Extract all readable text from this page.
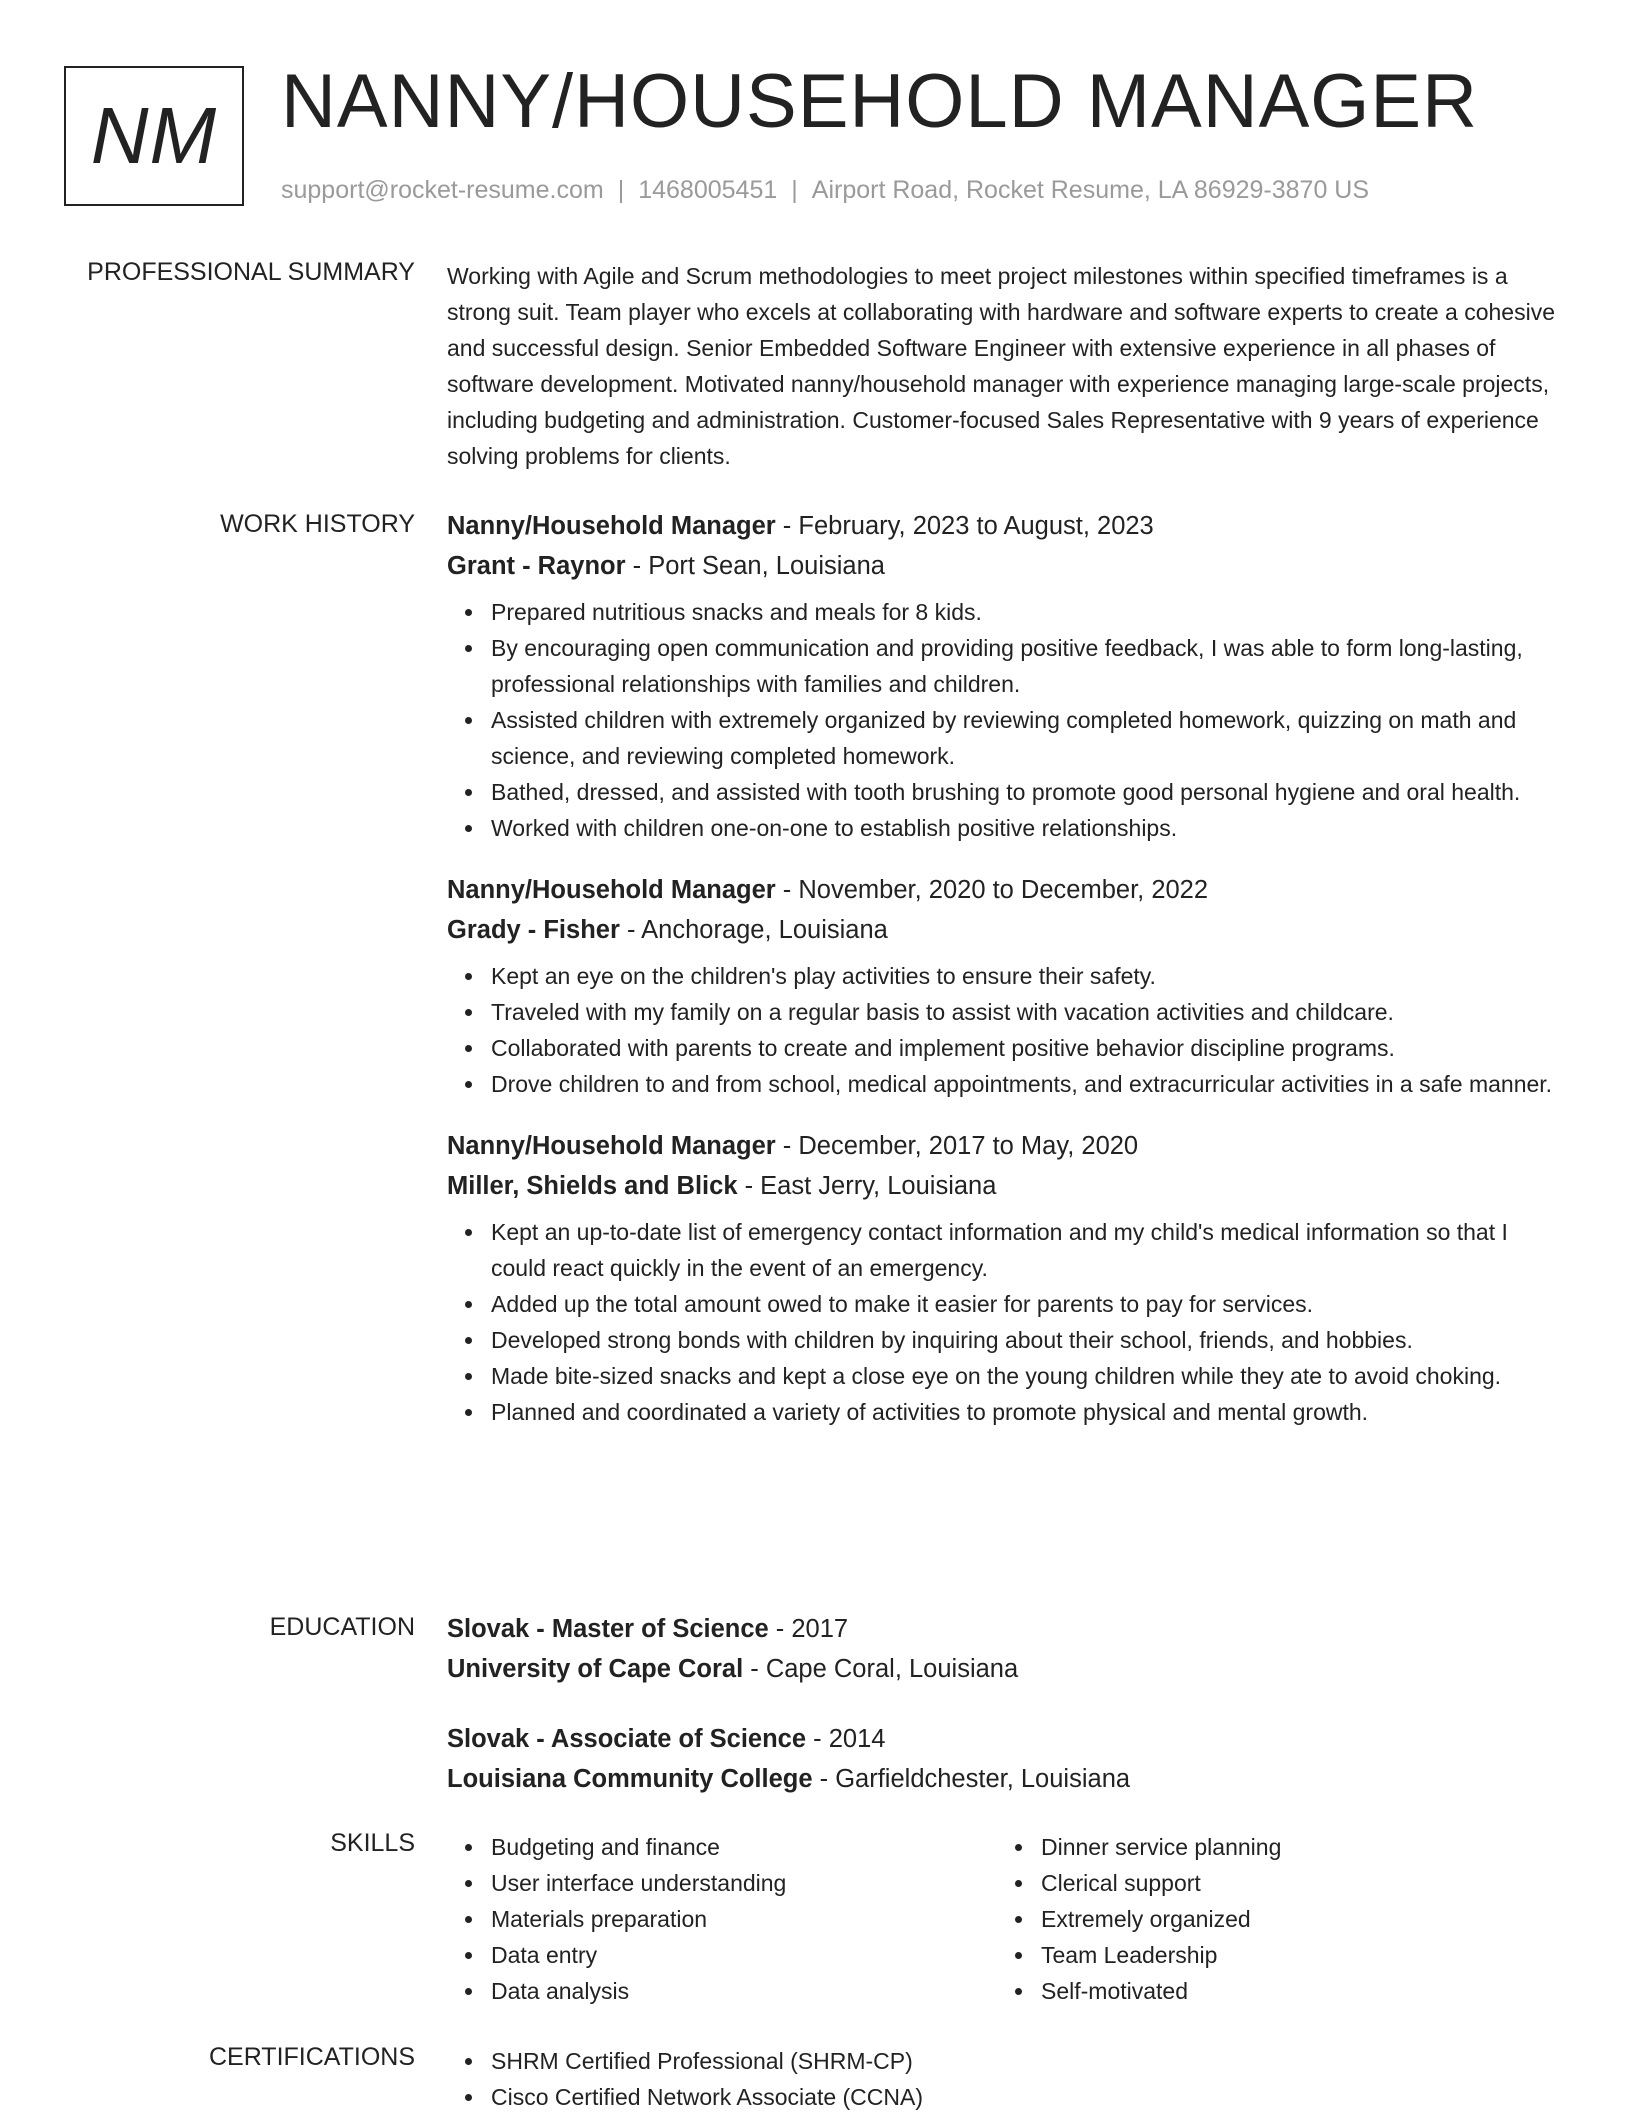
NM NANNY/HOUSEHOLD MANAGER
support@rocket-resume.com | 1468005451 | Airport Road, Rocket Resume, LA 86929-3870 US
PROFESSIONAL SUMMARY Working with Agile and Scrum methodologies to meet project milestones within specified timeframes is a strong suit. Team player who excels at collaborating with hardware and software experts to create a cohesive and successful design. Senior Embedded Software Engineer with extensive experience in all phases of software development. Motivated nanny/household manager with experience managing large-scale projects, including budgeting and administration. Customer-focused Sales Representative with 9 years of experience solving problems for clients.

WORK HISTORY Nanny/Household Manager - February, 2023 to August, 2023
Grant - Raynor - Port Sean, Louisiana
Prepared nutritious snacks and meals for 8 kids.
By encouraging open communication and providing positive feedback, I was able to form long-lasting, professional relationships with families and children.
Assisted children with extremely organized by reviewing completed homework, quizzing on math and science, and reviewing completed homework.
Bathed, dressed, and assisted with tooth brushing to promote good personal hygiene and oral health.
Worked with children one-on-one to establish positive relationships.
Nanny/Household Manager - November, 2020 to December, 2022
Grady - Fisher - Anchorage, Louisiana
Kept an eye on the children's play activities to ensure their safety.
Traveled with my family on a regular basis to assist with vacation activities and childcare.
Collaborated with parents to create and implement positive behavior discipline programs.
Drove children to and from school, medical appointments, and extracurricular activities in a safe manner.
Nanny/Household Manager - December, 2017 to May, 2020
Miller, Shields and Blick - East Jerry, Louisiana
Kept an up-to-date list of emergency contact information and my child's medical information so that I could react quickly in the event of an emergency.
Added up the total amount owed to make it easier for parents to pay for services.
Developed strong bonds with children by inquiring about their school, friends, and hobbies.
Made bite-sized snacks and kept a close eye on the young children while they ate to avoid choking.
Planned and coordinated a variety of activities to promote physical and mental growth.
EDUCATION Slovak - Master of Science - 2017
University of Cape Coral - Cape Coral, Louisiana
Slovak - Associate of Science - 2014
Louisiana Community College - Garfieldchester, Louisiana
SKILLS	Budgeting and finance
User interface understanding
Materials preparation
Data entry
Data analysis
Dinner service planning
Clerical support
Extremely organized
Team Leadership
Self-motivated
CERTIFICATIONS	SHRM Certified Professional (SHRM-CP)
Cisco Certified Network Associate (CCNA)
